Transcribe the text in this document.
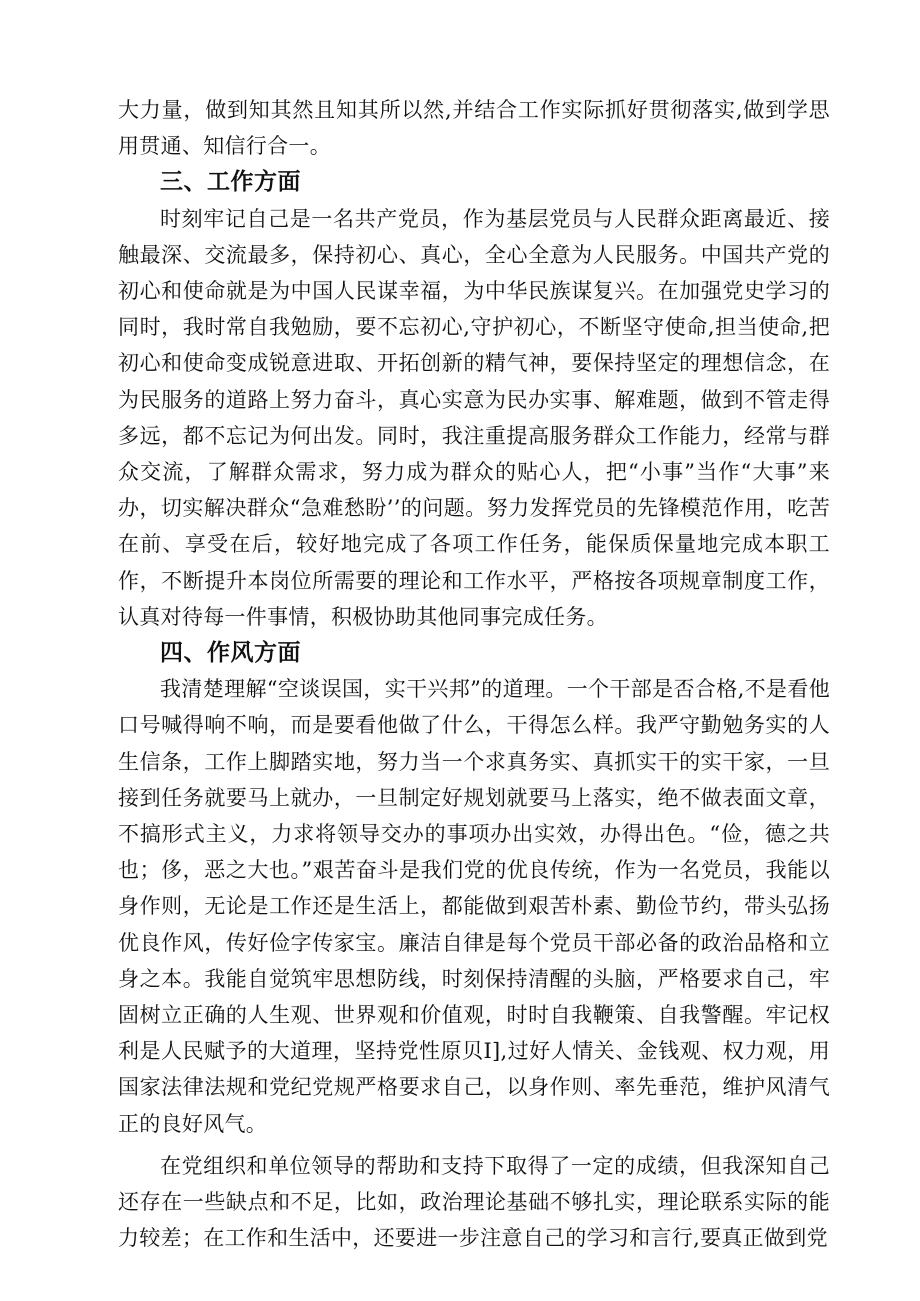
大力量，做到知其然且知其所以然,并结合工作实际抓好贯彻落实,做到学思用贯通、知信行合一。

三、工作方面

时刻牢记自己是一名共产党员，作为基层党员与人民群众距离最近、接触最深、交流最多，保持初心、真心，全心全意为人民服务。中国共产党的初心和使命就是为中国人民谋幸福，为中华民族谋复兴。在加强党史学习的同时，我时常自我勉励，要不忘初心,守护初心，不断坚守使命,担当使命,把初心和使命变成锐意进取、开拓创新的精气神，要保持坚定的理想信念，在为民服务的道路上努力奋斗，真心实意为民办实事、解难题，做到不管走得多远，都不忘记为何出发。同时，我注重提高服务群众工作能力，经常与群众交流，了解群众需求，努力成为群众的贴心人，把“小事”当作“大事”来办，切实解决群众“急难愁盼’’的问题。努力发挥党员的先锋模范作用，吃苦在前、享受在后，较好地完成了各项工作任务，能保质保量地完成本职工作，不断提升本岗位所需要的理论和工作水平，严格按各项规章制度工作，认真对待每一件事情，积极协助其他同事完成任务。

四、作风方面

我清楚理解“空谈误国，实干兴邦”的道理。一个干部是否合格,不是看他口号喊得响不响，而是要看他做了什么，干得怎么样。我严守勤勉务实的人生信条，工作上脚踏实地，努力当一个求真务实、真抓实干的实干家，一旦接到任务就要马上就办，一旦制定好规划就要马上落实，绝不做表面文章，不搞形式主义，力求将领导交办的事项办出实效，办得出色。“俭，德之共也；侈，恶之大也。”艰苦奋斗是我们党的优良传统，作为一名党员，我能以身作则，无论是工作还是生活上，都能做到艰苦朴素、勤俭节约，带头弘扬优良作风，传好俭字传家宝。廉洁自律是每个党员干部必备的政治品格和立身之本。我能自觉筑牢思想防线，时刻保持清醒的头脑，严格要求自己，牢固树立正确的人生观、世界观和价值观，时时自我鞭策、自我警醒。牢记权利是人民赋予的大道理，坚持党性原贝I],过好人情关、金钱观、权力观，用国家法律法规和党纪党规严格要求自己，以身作则、率先垂范，维护风清气正的良好风气。

在党组织和单位领导的帮助和支持下取得了一定的成绩，但我深知自己还存在一些缺点和不足，比如，政治理论基础不够扎实，理论联系实际的能力较差；在工作和生活中，还要进一步注意自己的学习和言行,要真正做到党
